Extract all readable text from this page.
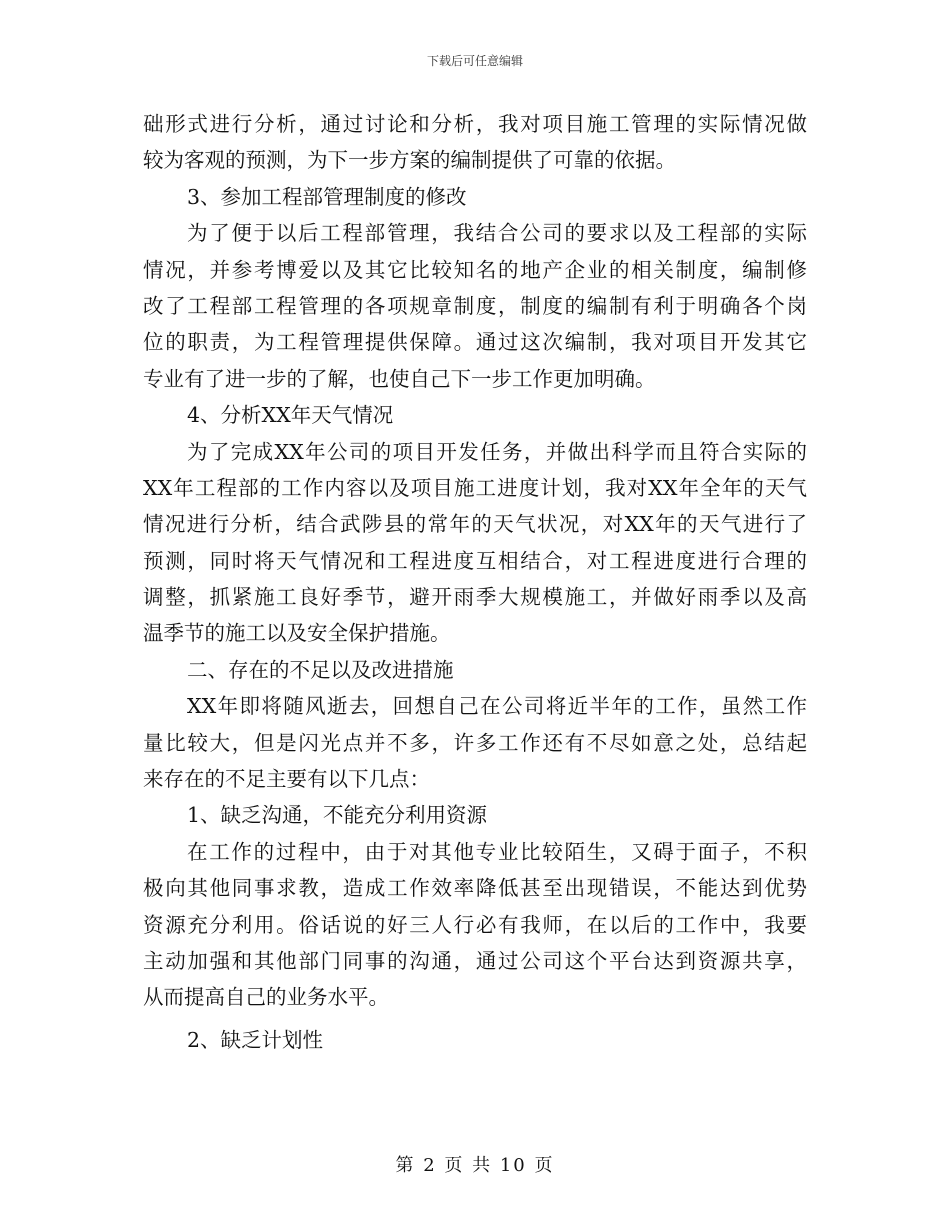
下载后可任意编辑
础形式进行分析，通过讨论和分析，我对项目施工管理的实际情况做
较为客观的预测，为下一步方案的编制提供了可靠的依据。
3、参加工程部管理制度的修改
为了便于以后工程部管理，我结合公司的要求以及工程部的实际
情况，并参考博爱以及其它比较知名的地产企业的相关制度，编制修
改了工程部工程管理的各项规章制度，制度的编制有利于明确各个岗
位的职责，为工程管理提供保障。通过这次编制，我对项目开发其它
专业有了进一步的了解，也使自己下一步工作更加明确。
4、分析XX年天气情况
为了完成XX年公司的项目开发任务，并做出科学而且符合实际的
XX年工程部的工作内容以及项目施工进度计划，我对XX年全年的天气
情况进行分析，结合武陟县的常年的天气状况，对XX年的天气进行了
预测，同时将天气情况和工程进度互相结合，对工程进度进行合理的
调整，抓紧施工良好季节，避开雨季大规模施工，并做好雨季以及高
温季节的施工以及安全保护措施。
二、存在的不足以及改进措施
XX年即将随风逝去，回想自己在公司将近半年的工作，虽然工作
量比较大，但是闪光点并不多，许多工作还有不尽如意之处，总结起
来存在的不足主要有以下几点：
1、缺乏沟通，不能充分利用资源
在工作的过程中，由于对其他专业比较陌生，又碍于面子，不积
极向其他同事求教，造成工作效率降低甚至出现错误，不能达到优势
资源充分利用。俗话说的好三人行必有我师，在以后的工作中，我要
主动加强和其他部门同事的沟通，通过公司这个平台达到资源共享，
从而提高自己的业务水平。
2、缺乏计划性
第 2 页 共 10 页
